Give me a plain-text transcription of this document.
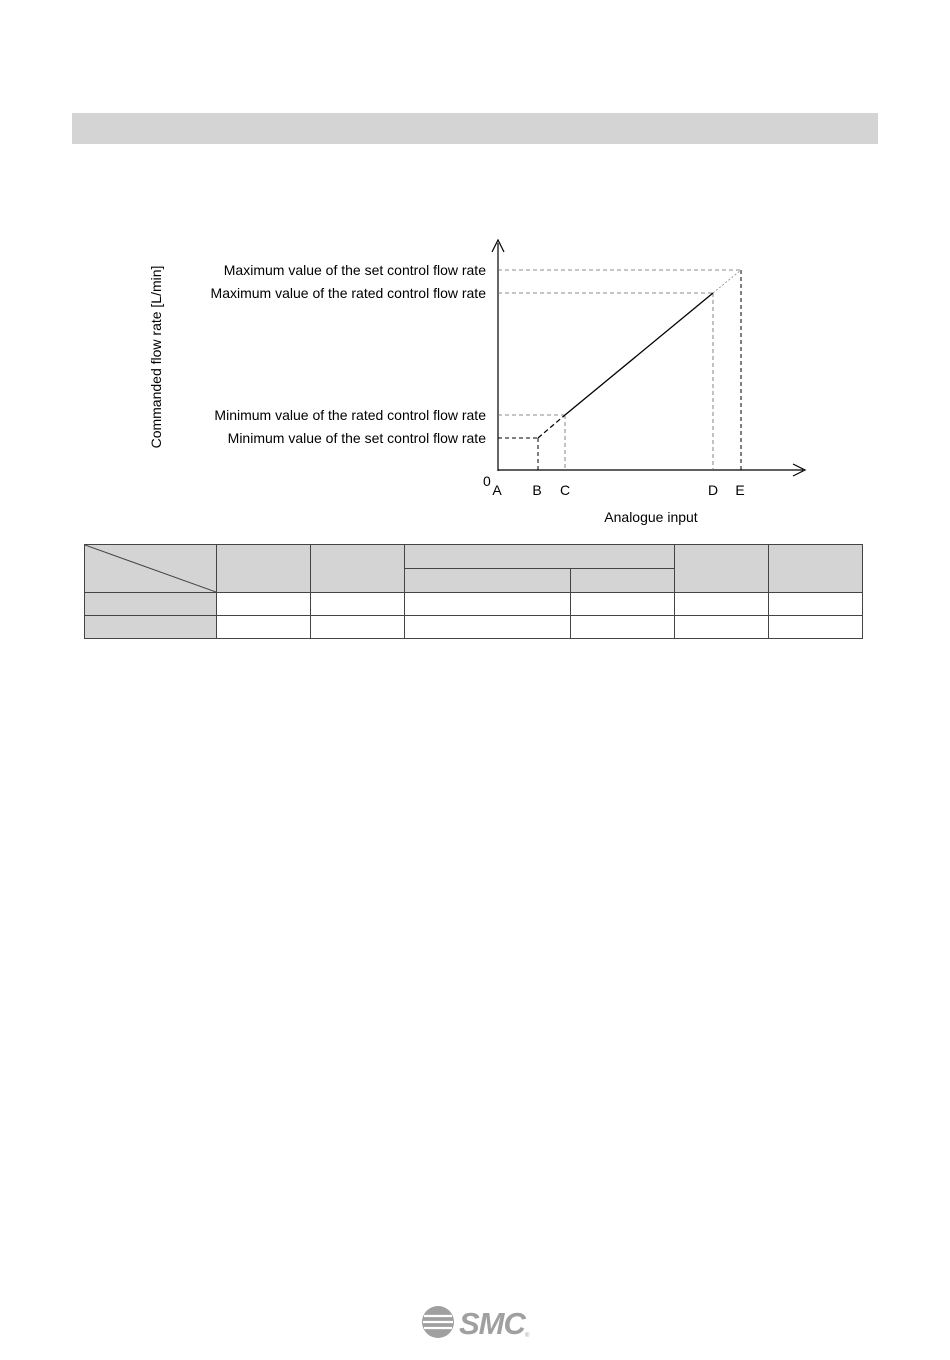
Maximum value of the set control flow rate
Maximum value of the rated control flow rate
Minimum value of the rated control flow rate
Minimum value of the set control flow rate
0
A B C	D E
Analogue input
Commanded flow rate [L/min]

SMC ®
